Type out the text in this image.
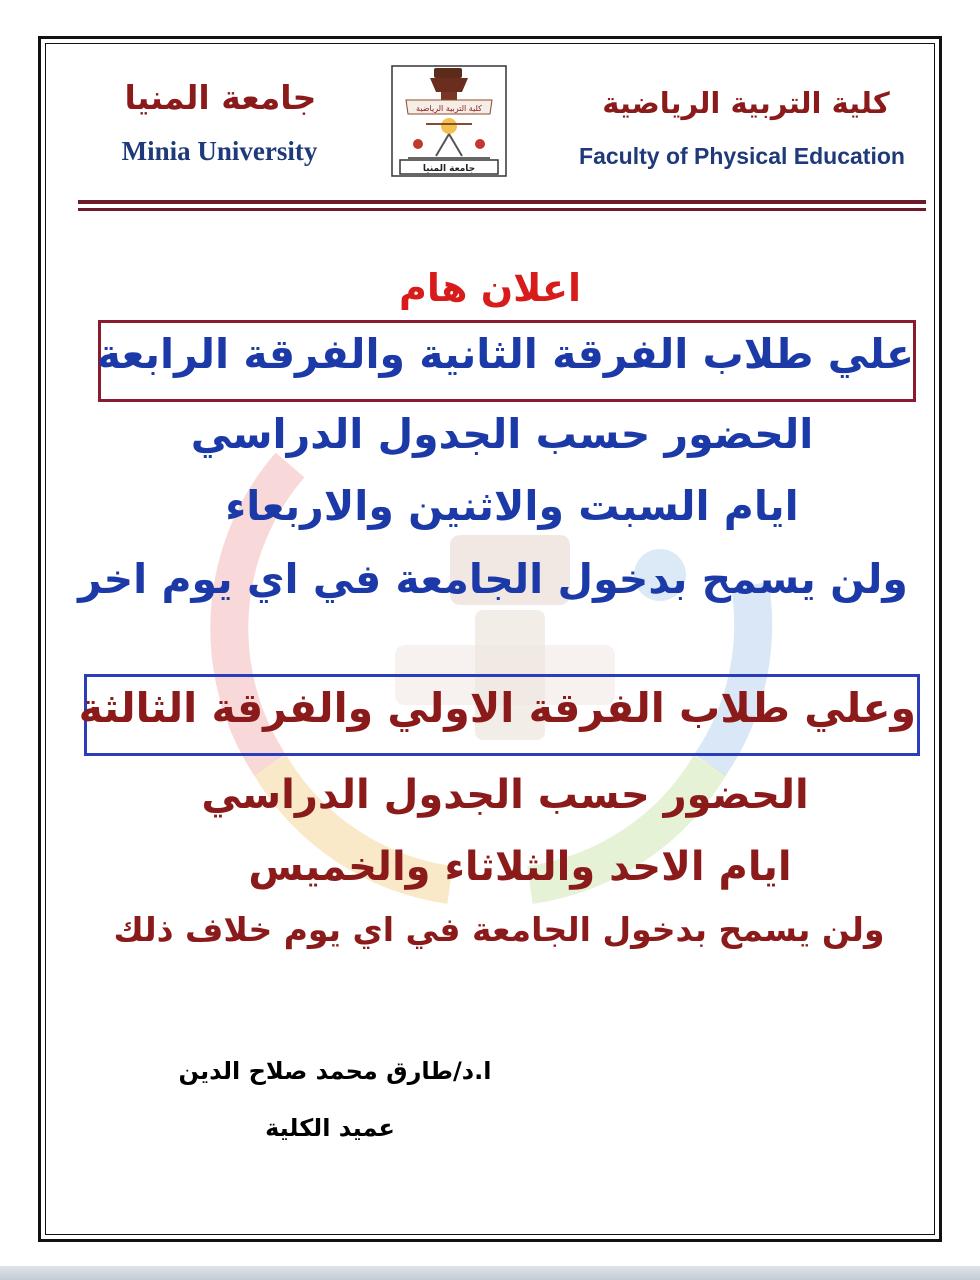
جامعة المنيا
Minia University
كلية التربية الرياضية
جامعة المنيا
كلية التربية الرياضية
Faculty of Physical Education
اعلان هام
علي طلاب الفرقة الثانية والفرقة الرابعة
الحضور حسب الجدول الدراسي
ايام السبت والاثنين والاربعاء
ولن يسمح بدخول الجامعة في اي يوم اخر
وعلي طلاب الفرقة الاولي والفرقة الثالثة
الحضور حسب الجدول الدراسي
ايام الاحد والثلاثاء والخميس
ولن يسمح بدخول الجامعة في اي يوم خلاف ذلك
ا.د/طارق محمد صلاح الدين
عميد الكلية
